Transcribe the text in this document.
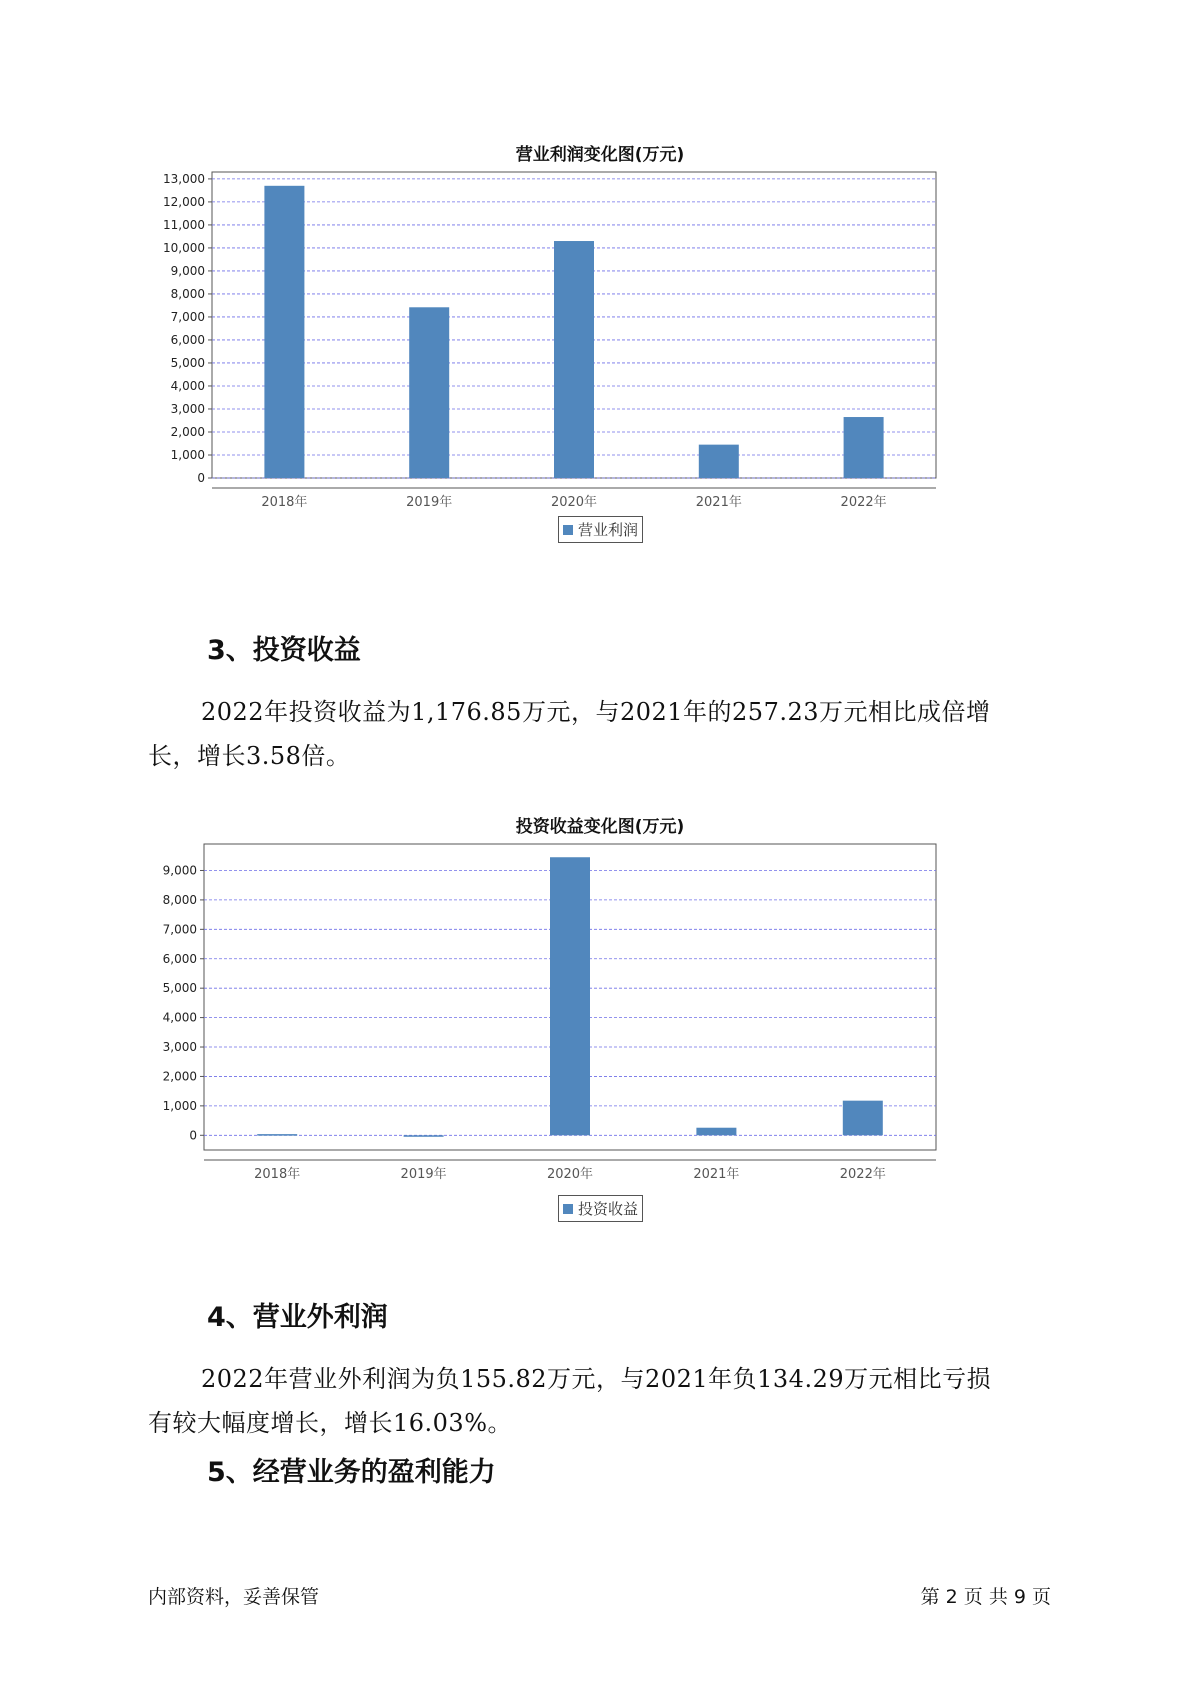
营业利润变化图(万元)
0
1,000
2,000
3,000
4,000
5,000
6,000
7,000
8,000
9,000
10,000
11,000
12,000
13,000
2018年	2019年	2020年	2021年	2022年
营业利润
3、投资收益
2022年投资收益为1,176.85万元，与2021年的257.23万元相比成倍增
长，增长3.58倍。
投资收益变化图(万元)
0
1,000
2,000
3,000
4,000
5,000
6,000
7,000
8,000
9,000
2018年	2019年	2020年	2021年	2022年
投资收益
4、营业外利润
2022年营业外利润为负155.82万元，与2021年负134.29万元相比亏损
有较大幅度增长，增长16.03%。
5、经营业务的盈利能力
内部资料，妥善保管	第 2 页 共 9 页
